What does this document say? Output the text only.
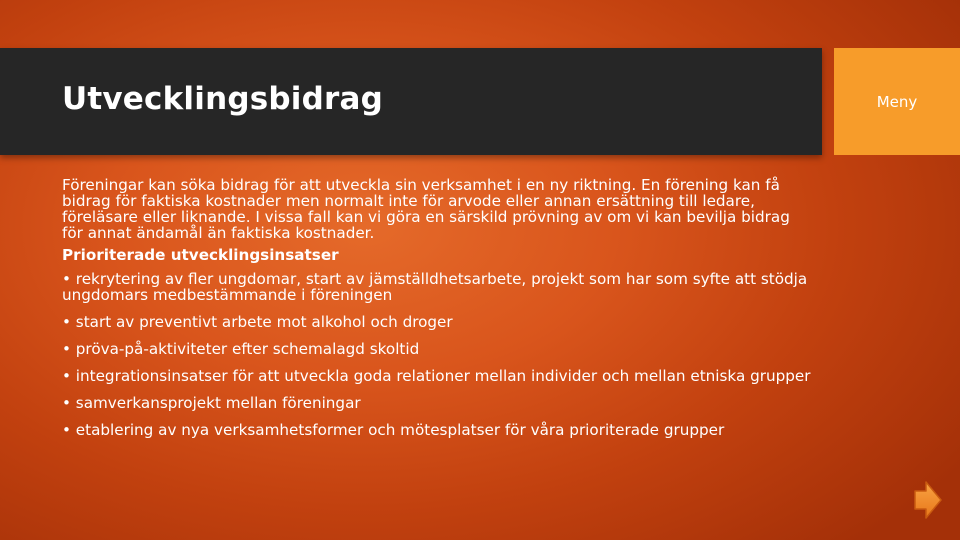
Utvecklingsbidrag	Meny

Föreningar kan söka bidrag för att utveckla sin verksamhet i en ny riktning. En förening kan få bidrag för faktiska kostnader men normalt inte för arvode eller annan ersättning till ledare, föreläsare eller liknande. I vissa fall kan vi göra en särskild prövning av om vi kan bevilja bidrag för annat ändamål än faktiska kostnader.

Prioriterade utvecklingsinsatser

• rekrytering av fler ungdomar, start av jämställdhetsarbete, projekt som har som syfte att stödja ungdomars medbestämmande i föreningen

• start av preventivt arbete mot alkohol och droger

• pröva-på-aktiviteter efter schemalagd skoltid

• integrationsinsatser för att utveckla goda relationer mellan individer och mellan etniska grupper

• samverkansprojekt mellan föreningar

• etablering av nya verksamhetsformer och mötesplatser för våra prioriterade grupper
